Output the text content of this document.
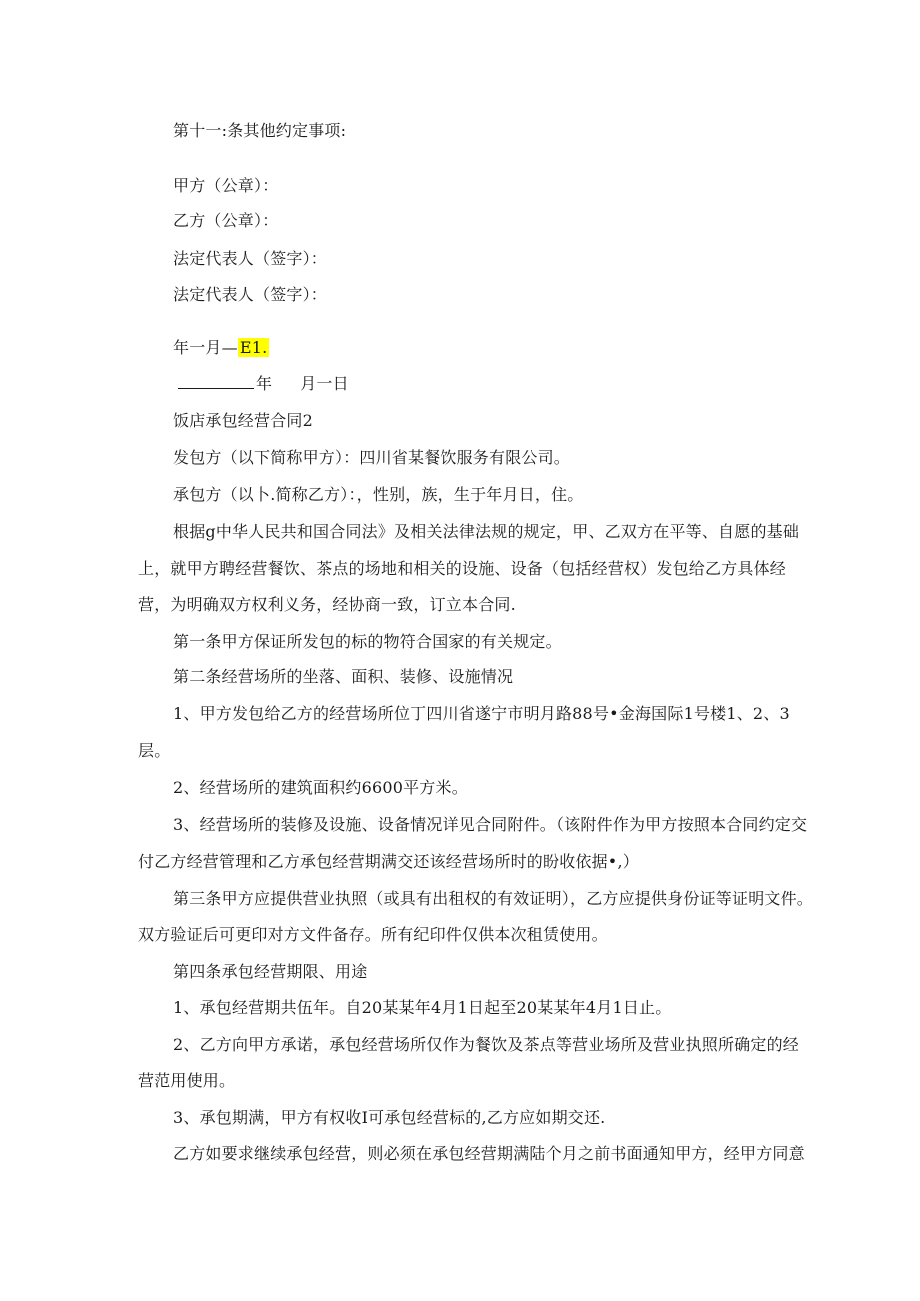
第十一:条其他约定事项:
甲方（公章）：
乙方（公章）：
法定代表人（签字）：
法定代表人（签字）：
年一月— E1.
年 月一日
饭店承包经营合同2
发包方（以下简称甲方）：四川省某餐饮服务有限公司。
承包方（以卜.简称乙方）：，性别，族，生于年月日，住。
根据g中华人民共和国合同法》及相关法律法规的规定，甲、乙双方在平等、自愿的基础
上，就甲方聘经营餐饮、茶点的场地和相关的设施、设备（包括经营权）发包给乙方具体经
营，为明确双方权利义务，经协商一致，订立本合同.
第一条甲方保证所发包的标的物符合国家的有关规定。
第二条经营场所的坐落、面积、装修、设施情况
1、甲方发包给乙方的经营场所位丁四川省遂宁市明月路88号•金海国际1号楼1、2、3
层。
2、经营场所的建筑面积约6600平方米。
3、经营场所的装修及设施、设备情况详见合同附件。（该附件作为甲方按照本合同约定交
付乙方经营管理和乙方承包经营期满交还该经营场所时的盼收依据•,）
第三条甲方应提供营业执照（或具有出租权的有效证明），乙方应提供身份证等证明文件。
双方验证后可更印对方文件备存。所有纪印件仅供本次租赁使用。
第四条承包经营期限、用途
1、承包经营期共伍年。自20某某年4月1日起至20某某年4月1日止。
2、乙方向甲方承诺，承包经营场所仅作为餐饮及茶点等营业场所及营业执照所确定的经
营范用使用。
3、承包期满，甲方有权收I可承包经营标的,乙方应如期交还.
乙方如要求继续承包经营，则必须在承包经营期满陆个月之前书面通知甲方，经甲方同意
